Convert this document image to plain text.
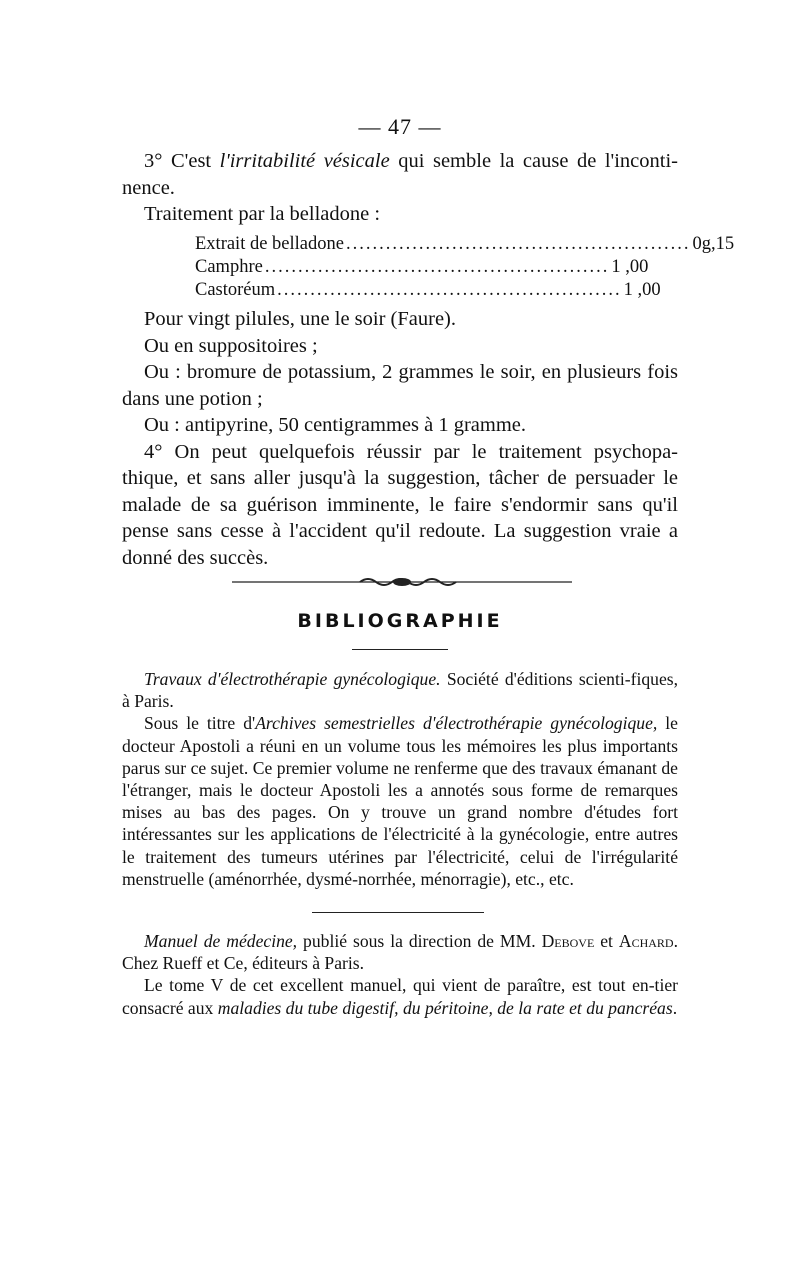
— 47 —

3° C'est l'irritabilité vésicale qui semble la cause de l'inconti-nence.

Traitement par la belladone :

Extrait de belladone .................................................... 0g,15
Camphre .................................................... 1 ,00
Castoréum .................................................... 1 ,00

Pour vingt pilules, une le soir (Faure).

Ou en suppositoires ;

Ou : bromure de potassium, 2 grammes le soir, en plusieurs fois dans une potion ;

Ou : antipyrine, 50 centigrammes à 1 gramme.

4° On peut quelquefois réussir par le traitement psychopa-thique, et sans aller jusqu'à la suggestion, tâcher de persuader le malade de sa guérison imminente, le faire s'endormir sans qu'il pense sans cesse à l'accident qu'il redoute. La suggestion vraie a donné des succès.

BIBLIOGRAPHIE

Travaux d'électrothérapie gynécologique. Société d'éditions scienti-fiques, à Paris.

Sous le titre d'Archives semestrielles d'électrothérapie gynécologique, le docteur Apostoli a réuni en un volume tous les mémoires les plus importants parus sur ce sujet. Ce premier volume ne renferme que des travaux émanant de l'étranger, mais le docteur Apostoli les a annotés sous forme de remarques mises au bas des pages. On y trouve un grand nombre d'études fort intéressantes sur les applications de l'électricité à la gynécologie, entre autres le traitement des tumeurs utérines par l'électricité, celui de l'irrégularité menstruelle (aménorrhée, dysmé-norrhée, ménorragie), etc., etc.

Manuel de médecine, publié sous la direction de MM. Debove et Achard. Chez Rueff et Ce, éditeurs à Paris.

Le tome V de cet excellent manuel, qui vient de paraître, est tout en-tier consacré aux maladies du tube digestif, du péritoine, de la rate et du pancréas.
